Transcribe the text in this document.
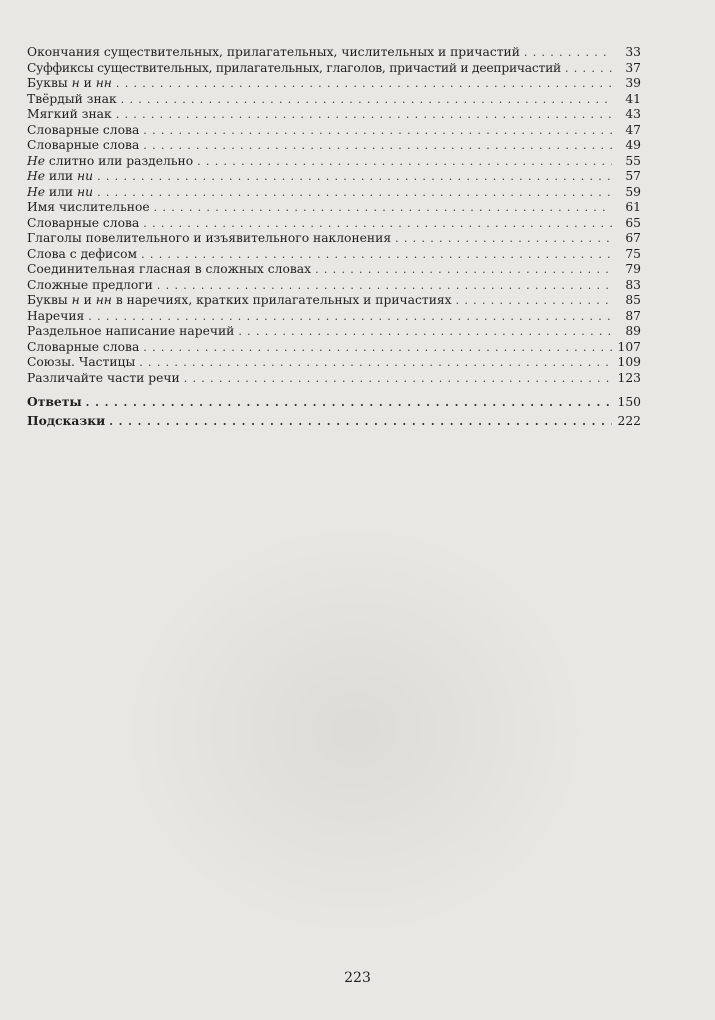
Окончания существительных, прилагательных, числительных и причастий . . .	33
Суффиксы существительных, прилагательных, глаголов, причастий и деепричастий . . .	37
Буквы н и нн . . .	39
Твёрдый знак . . .	41
Мягкий знак . . .	43
Словарные слова . . .	47
Словарные слова . . .	49
Не слитно или раздельно . . .	55
Не или ни . . .	57
Не или ни . . .	59
Имя числительное . . .	61
Словарные слова . . .	65
Глаголы повелительного и изъявительного наклонения . . .	67
Слова с дефисом . . .	75
Соединительная гласная в сложных словах . . .	79
Сложные предлоги . . .	83
Буквы н и нн в наречиях, кратких прилагательных и причастиях . . .	85
Наречия . . .	87
Раздельное написание наречий . . .	89
Словарные слова . . .	107
Союзы. Частицы . . .	109
Различайте части речи . . .	123
Ответы . . .	150
Подсказки . . .	222
223
